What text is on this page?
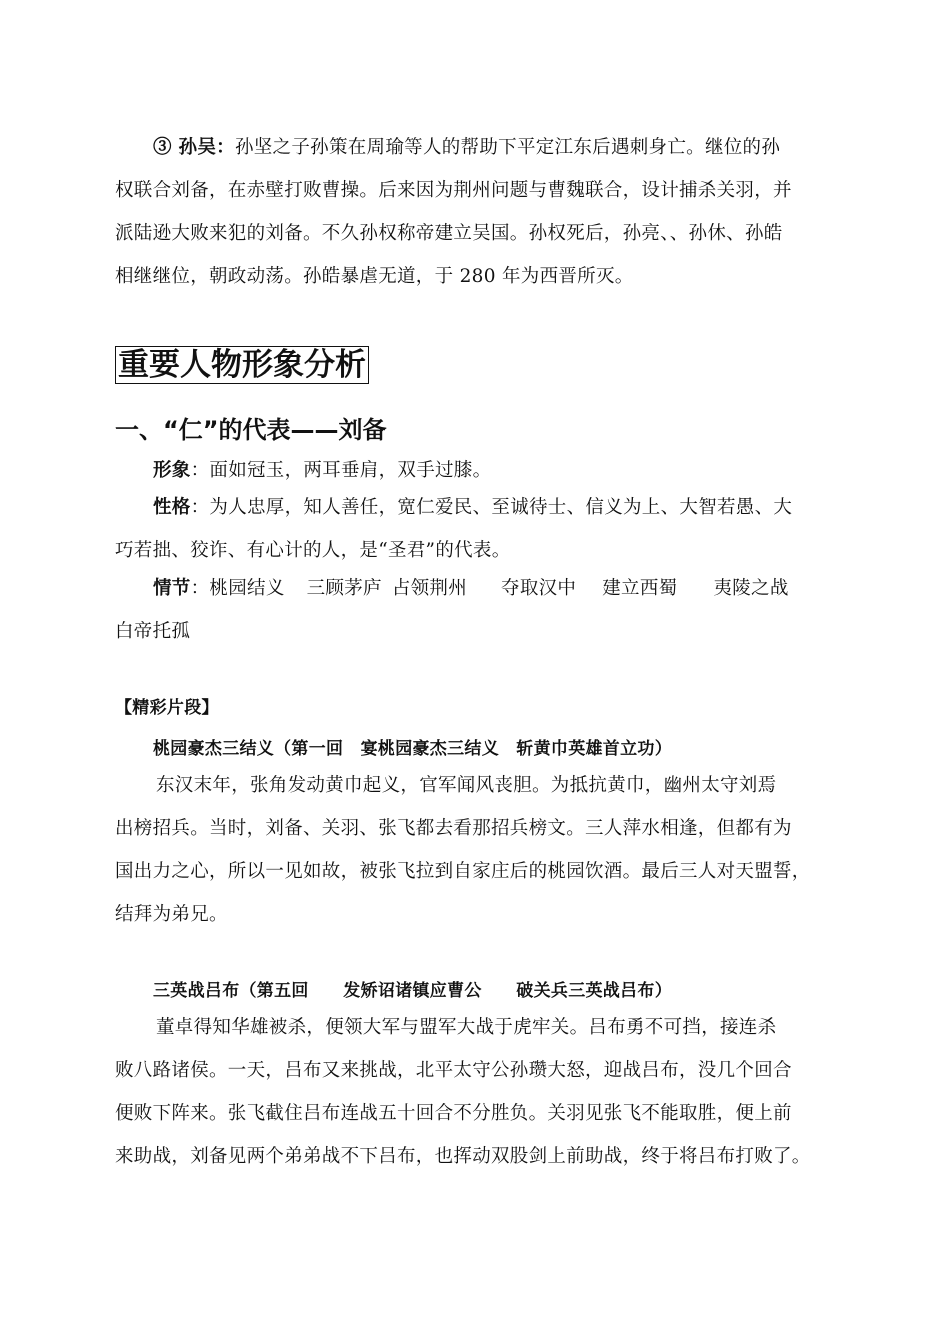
③ 孙吴：孙坚之子孙策在周瑜等人的帮助下平定江东后遇刺身亡。继位的孙
权联合刘备，在赤壁打败曹操。后来因为荆州问题与曹魏联合，设计捕杀关羽，并
派陆逊大败来犯的刘备。不久孙权称帝建立吴国。孙权死后，孙亮、、孙休、孙皓
相继继位，朝政动荡。孙皓暴虐无道，于 280 年为西晋所灭。
重要人物形象分析
一、“仁”的代表——刘备
形象：面如冠玉，两耳垂肩，双手过膝。
性格：为人忠厚，知人善任，宽仁爱民、至诚待士、信义为上、大智若愚、大
巧若拙、狡诈、有心计的人，是“圣君”的代表。
情节：桃园结义 三顾茅庐 占领荆州 夺取汉中 建立西蜀 夷陵之战
白帝托孤
【精彩片段】
桃园豪杰三结义（第一回　宴桃园豪杰三结义　斩黄巾英雄首立功）
东汉末年，张角发动黄巾起义，官军闻风丧胆。为抵抗黄巾，幽州太守刘焉
出榜招兵。当时，刘备、关羽、张飞都去看那招兵榜文。三人萍水相逢，但都有为
国出力之心，所以一见如故，被张飞拉到自家庄后的桃园饮酒。最后三人对天盟誓，
结拜为弟兄。
三英战吕布（第五回　　发矫诏诸镇应曹公　　破关兵三英战吕布）
董卓得知华雄被杀，便领大军与盟军大战于虎牢关。吕布勇不可挡，接连杀
败八路诸侯。一天，吕布又来挑战，北平太守公孙瓒大怒，迎战吕布，没几个回合
便败下阵来。张飞截住吕布连战五十回合不分胜负。关羽见张飞不能取胜，便上前
来助战，刘备见两个弟弟战不下吕布，也挥动双股剑上前助战，终于将吕布打败了。
